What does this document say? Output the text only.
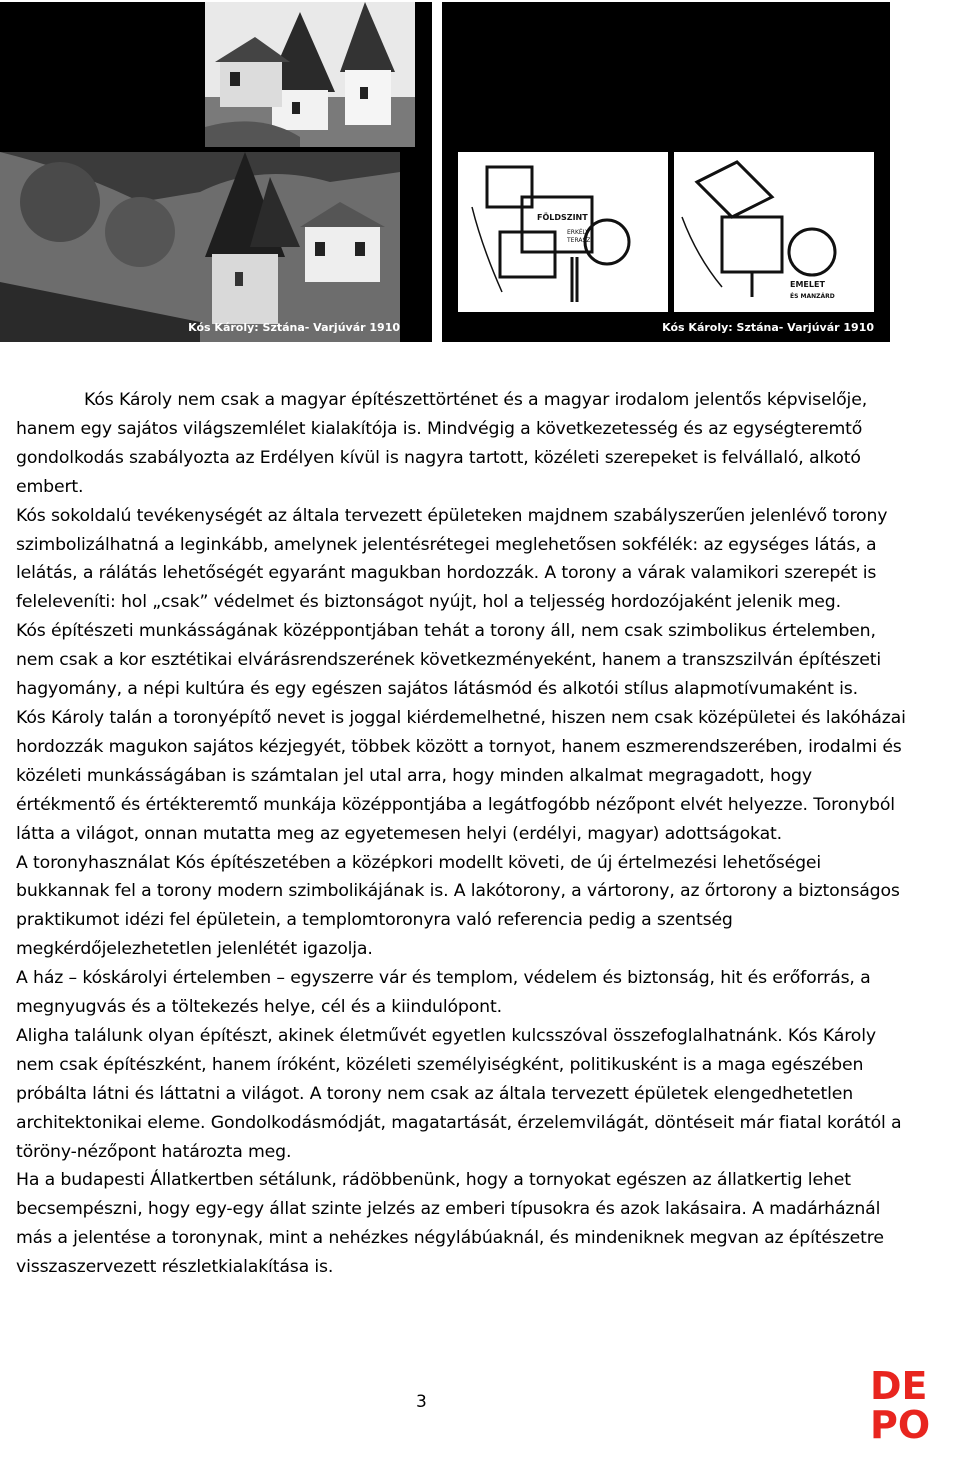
Kós Károly: Sztána- Varjúvár 1910
FÖLDSZINT
ERKÉLY
TERASZ
EMELET
ÉS MANZÁRD
Kós Károly: Sztána- Varjúvár 1910

Kós Károly nem csak a magyar építészettörténet és a magyar irodalom jelentős képviselője, hanem egy sajátos világszemlélet kialakítója is. Mindvégig a következetesség és az egységteremtő gondolkodás szabályozta az Erdélyen kívül is nagyra tartott, közéleti szerepeket is felvállaló, alkotó embert.

Kós sokoldalú tevékenységét az általa tervezett épületeken majdnem szabályszerűen jelenlévő torony szimbolizálhatná a leginkább, amelynek jelentésrétegei meglehetősen sokfélék: az egységes látás, a lelátás, a rálátás lehetőségét egyaránt magukban hordozzák. A torony a várak valamikori szerepét is feleleveníti: hol „csak” védelmet és biztonságot nyújt, hol a teljesség hordozójaként jelenik meg.

Kós építészeti munkásságának középpontjában tehát a torony áll, nem csak szimbolikus értelemben, nem csak a kor esztétikai elvárásrendszerének következményeként, hanem a transzszilván építészeti hagyomány, a népi kultúra és egy egészen sajátos látásmód és alkotói stílus alapmotívumaként is.

Kós Károly talán a toronyépítő nevet is joggal kiérdemelhetné, hiszen nem csak középületei és lakóházai hordozzák magukon sajátos kézjegyét, többek között a tornyot, hanem eszmerendszerében, irodalmi és közéleti munkásságában is számtalan jel utal arra, hogy minden alkalmat megragadott, hogy értékmentő és értékteremtő munkája középpontjába a legátfogóbb nézőpont elvét helyezze. Toronyból látta a világot, onnan mutatta meg az egyetemesen helyi (erdélyi, magyar) adottságokat.

A toronyhasználat Kós építészetében a középkori modellt követi, de új értelmezési lehetőségei bukkannak fel a torony modern szimbolikájának is. A lakótorony, a vártorony, az őrtorony a biztonságos praktikumot idézi fel épületein, a templomtoronyra való referencia pedig a szentség megkérdőjelezhetetlen jelenlétét igazolja.

A ház – kóskárolyi értelemben – egyszerre vár és templom, védelem és biztonság, hit és erőforrás, a megnyugvás és a töltekezés helye, cél és a kiindulópont.

Aligha találunk olyan építészt, akinek életművét egyetlen kulcsszóval összefoglalhatnánk. Kós Károly nem csak építészként, hanem íróként, közéleti személyiségként, politikusként is a maga egészében próbálta látni és láttatni a világot. A torony nem csak az általa tervezett épületek elengedhetetlen architektonikai eleme. Gondolkodásmódját, magatartását, érzelemvilágát, döntéseit már fiatal korától a töröny-nézőpont határozta meg.

Ha a budapesti Állatkertben sétálunk, rádöbbenünk, hogy a tornyokat egészen az állatkertig lehet becsempészni, hogy egy-egy állat szinte jelzés az emberi típusokra és azok lakásaira. A madárháznál más a jelentése a toronynak, mint a nehézkes négylábúaknál, és mindeniknek megvan az építészetre visszaszervezett részletkialakítása is.

3	DE
PO
